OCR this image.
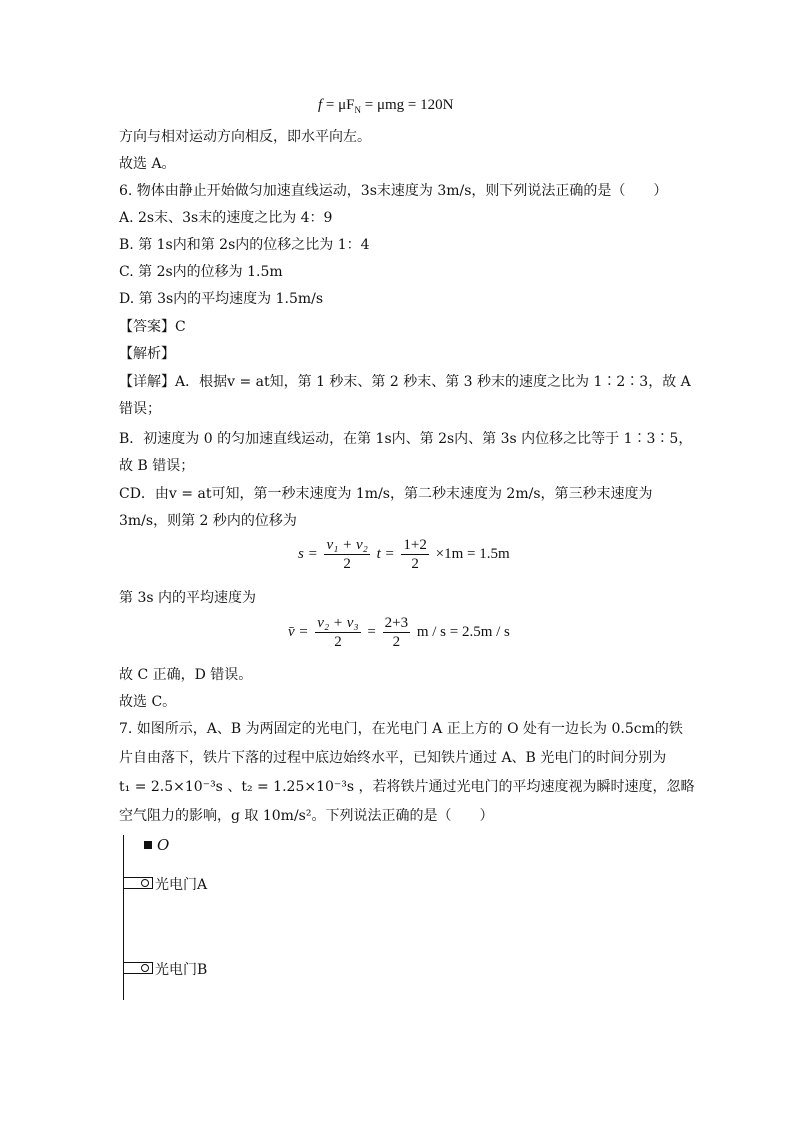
$f = \mu F_N = \mu mg = 120N$
方向与相对运动方向相反，即水平向左。
故选 A。
6. 物体由静止开始做匀加速直线运动，3s末速度为 3m/s，则下列说法正确的是（　　）
A. 2s末、3s末的速度之比为 4：9
B. 第 1s内和第 2s内的位移之比为 1：4
C. 第 2s内的位移为 1.5m
D. 第 3s内的平均速度为 1.5m/s
【答案】C
【解析】
【详解】A．根据v = at知，第 1 秒末、第 2 秒末、第 3 秒末的速度之比为 1∶2∶3，故 A
错误；
B．初速度为 0 的匀加速直线运动，在第 1s内、第 2s内、第 3s 内位移之比等于 1∶3∶5，
故 B 错误；
CD．由v = at可知，第一秒末速度为 1m/s，第二秒末速度为 2m/s，第三秒末速度为
3m/s，则第 2 秒内的位移为
$s = \frac{\text{v₁ + v₂}}{2}$ $t = \frac{1+2}{2} \times 1m = 1.5m$
第 3s 内的平均速度为
v̄ = $\frac{\text{v₂ + v₃}}{2} = \frac{2+3}{2}$ m / s = 2.5m / s
故 C 正确，D 错误。
故选 C。
7. 如图所示，A、B 为两固定的光电门，在光电门 A 正上方的 O 处有一边长为 0.5cm的铁
片自由落下，铁片下落的过程中底边始终水平，已知铁片通过 A、B 光电门的时间分别为
t₁ = 2.5×10⁻³s 、t₂ = 1.25×10⁻³s ，若将铁片通过光电门的平均速度视为瞬时速度，忽略
空气阻力的影响，g 取 10m/s²。下列说法正确的是（　　）
O
光电门A
光电门B
